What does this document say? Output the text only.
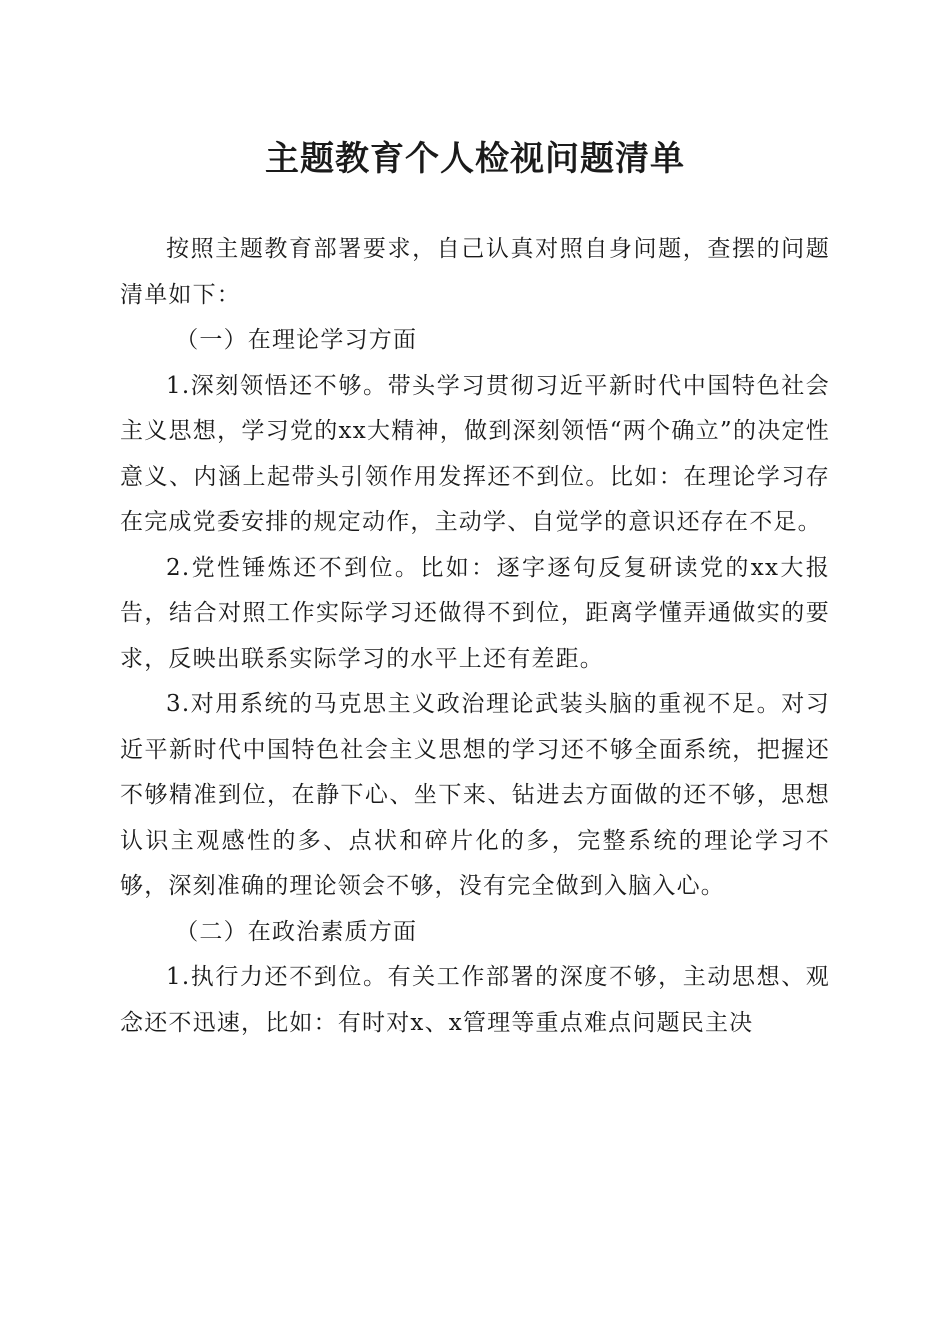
主题教育个人检视问题清单

按照主题教育部署要求，自己认真对照自身问题，查摆的问题清单如下：

（一）在理论学习方面

1.深刻领悟还不够。带头学习贯彻习近平新时代中国特色社会主义思想，学习党的xx大精神，做到深刻领悟“两个确立”的决定性意义、内涵上起带头引领作用发挥还不到位。比如：在理论学习存在完成党委安排的规定动作，主动学、自觉学的意识还存在不足。

2.党性锤炼还不到位。比如：逐字逐句反复研读党的xx大报告，结合对照工作实际学习还做得不到位，距离学懂弄通做实的要求，反映出联系实际学习的水平上还有差距。

3.对用系统的马克思主义政治理论武装头脑的重视不足。对习近平新时代中国特色社会主义思想的学习还不够全面系统，把握还不够精准到位，在静下心、坐下来、钻进去方面做的还不够，思想认识主观感性的多、点状和碎片化的多，完整系统的理论学习不够，深刻准确的理论领会不够，没有完全做到入脑入心。

（二）在政治素质方面

1.执行力还不到位。有关工作部署的深度不够，主动思想、观念还不迅速，比如：有时对x、x管理等重点难点问题民主决
